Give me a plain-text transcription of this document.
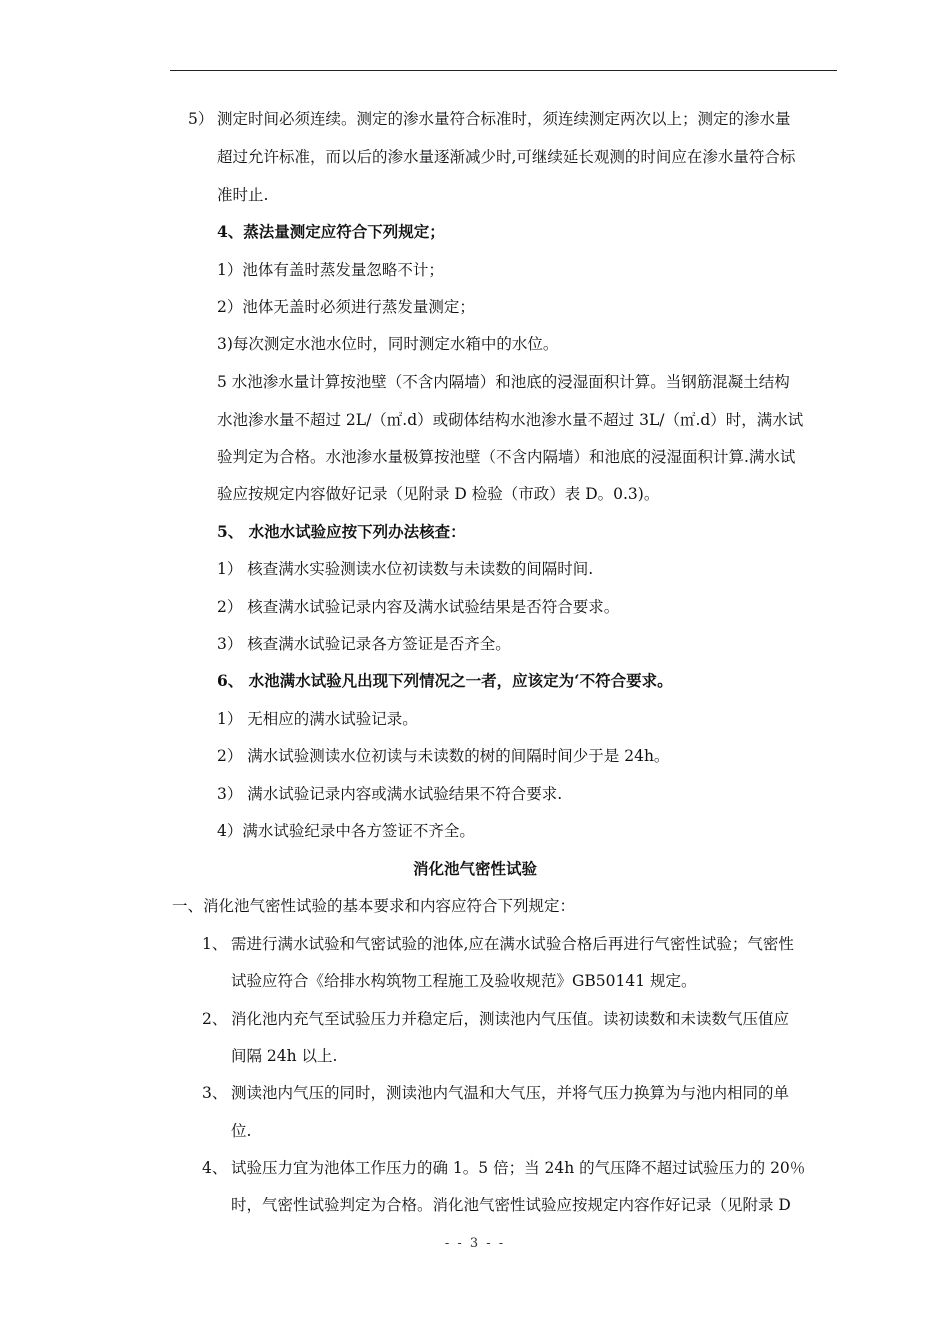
5） 测定时间必须连续。测定的渗水量符合标准时，须连续测定两次以上；测定的渗水量
超过允许标准，而以后的渗水量逐渐减少时,可继续延长观测的时间应在渗水量符合标
准时止.
4、蒸法量测定应符合下列规定；
1）池体有盖时蒸发量忽略不计；
2）池体无盖时必须进行蒸发量测定；
3)每次测定水池水位时，同时测定水箱中的水位。
5 水池渗水量计算按池壁（不含内隔墙）和池底的浸湿面积计算。当钢筋混凝土结构
水池渗水量不超过 2L/（㎡.d）或砌体结构水池渗水量不超过 3L/（㎡.d）时，满水试
验判定为合格。水池渗水量极算按池壁（不含内隔墙）和池底的浸湿面积计算.满水试
验应按规定内容做好记录（见附录 D 检验（市政）表 D。0.3)。
5、 水池水试验应按下列办法核查：
1） 核查满水实验测读水位初读数与未读数的间隔时间.
2） 核查满水试验记录内容及满水试验结果是否符合要求。
3） 核查满水试验记录各方签证是否齐全。
6、 水池满水试验凡出现下列情况之一者，应该定为‘不符合要求。
1） 无相应的满水试验记录。
2） 满水试验测读水位初读与未读数的树的间隔时间少于是 24h。
3） 满水试验记录内容或满水试验结果不符合要求.
4）满水试验纪录中各方签证不齐全。
消化池气密性试验
一、消化池气密性试验的基本要求和内容应符合下列规定：
1、 需进行满水试验和气密试验的池体,应在满水试验合格后再进行气密性试验；气密性
试验应符合《给排水构筑物工程施工及验收规范》GB50141 规定。
2、 消化池内充气至试验压力并稳定后，测读池内气压值。读初读数和未读数气压值应
间隔 24h 以上.
3、 测读池内气压的同时，测读池内气温和大气压，并将气压力换算为与池内相同的单
位.
4、 试验压力宜为池体工作压力的确 1。5 倍；当 24h 的气压降不超过试验压力的 20％
时，气密性试验判定为合格。消化池气密性试验应按规定内容作好记录（见附录 D
- - 3 - -
